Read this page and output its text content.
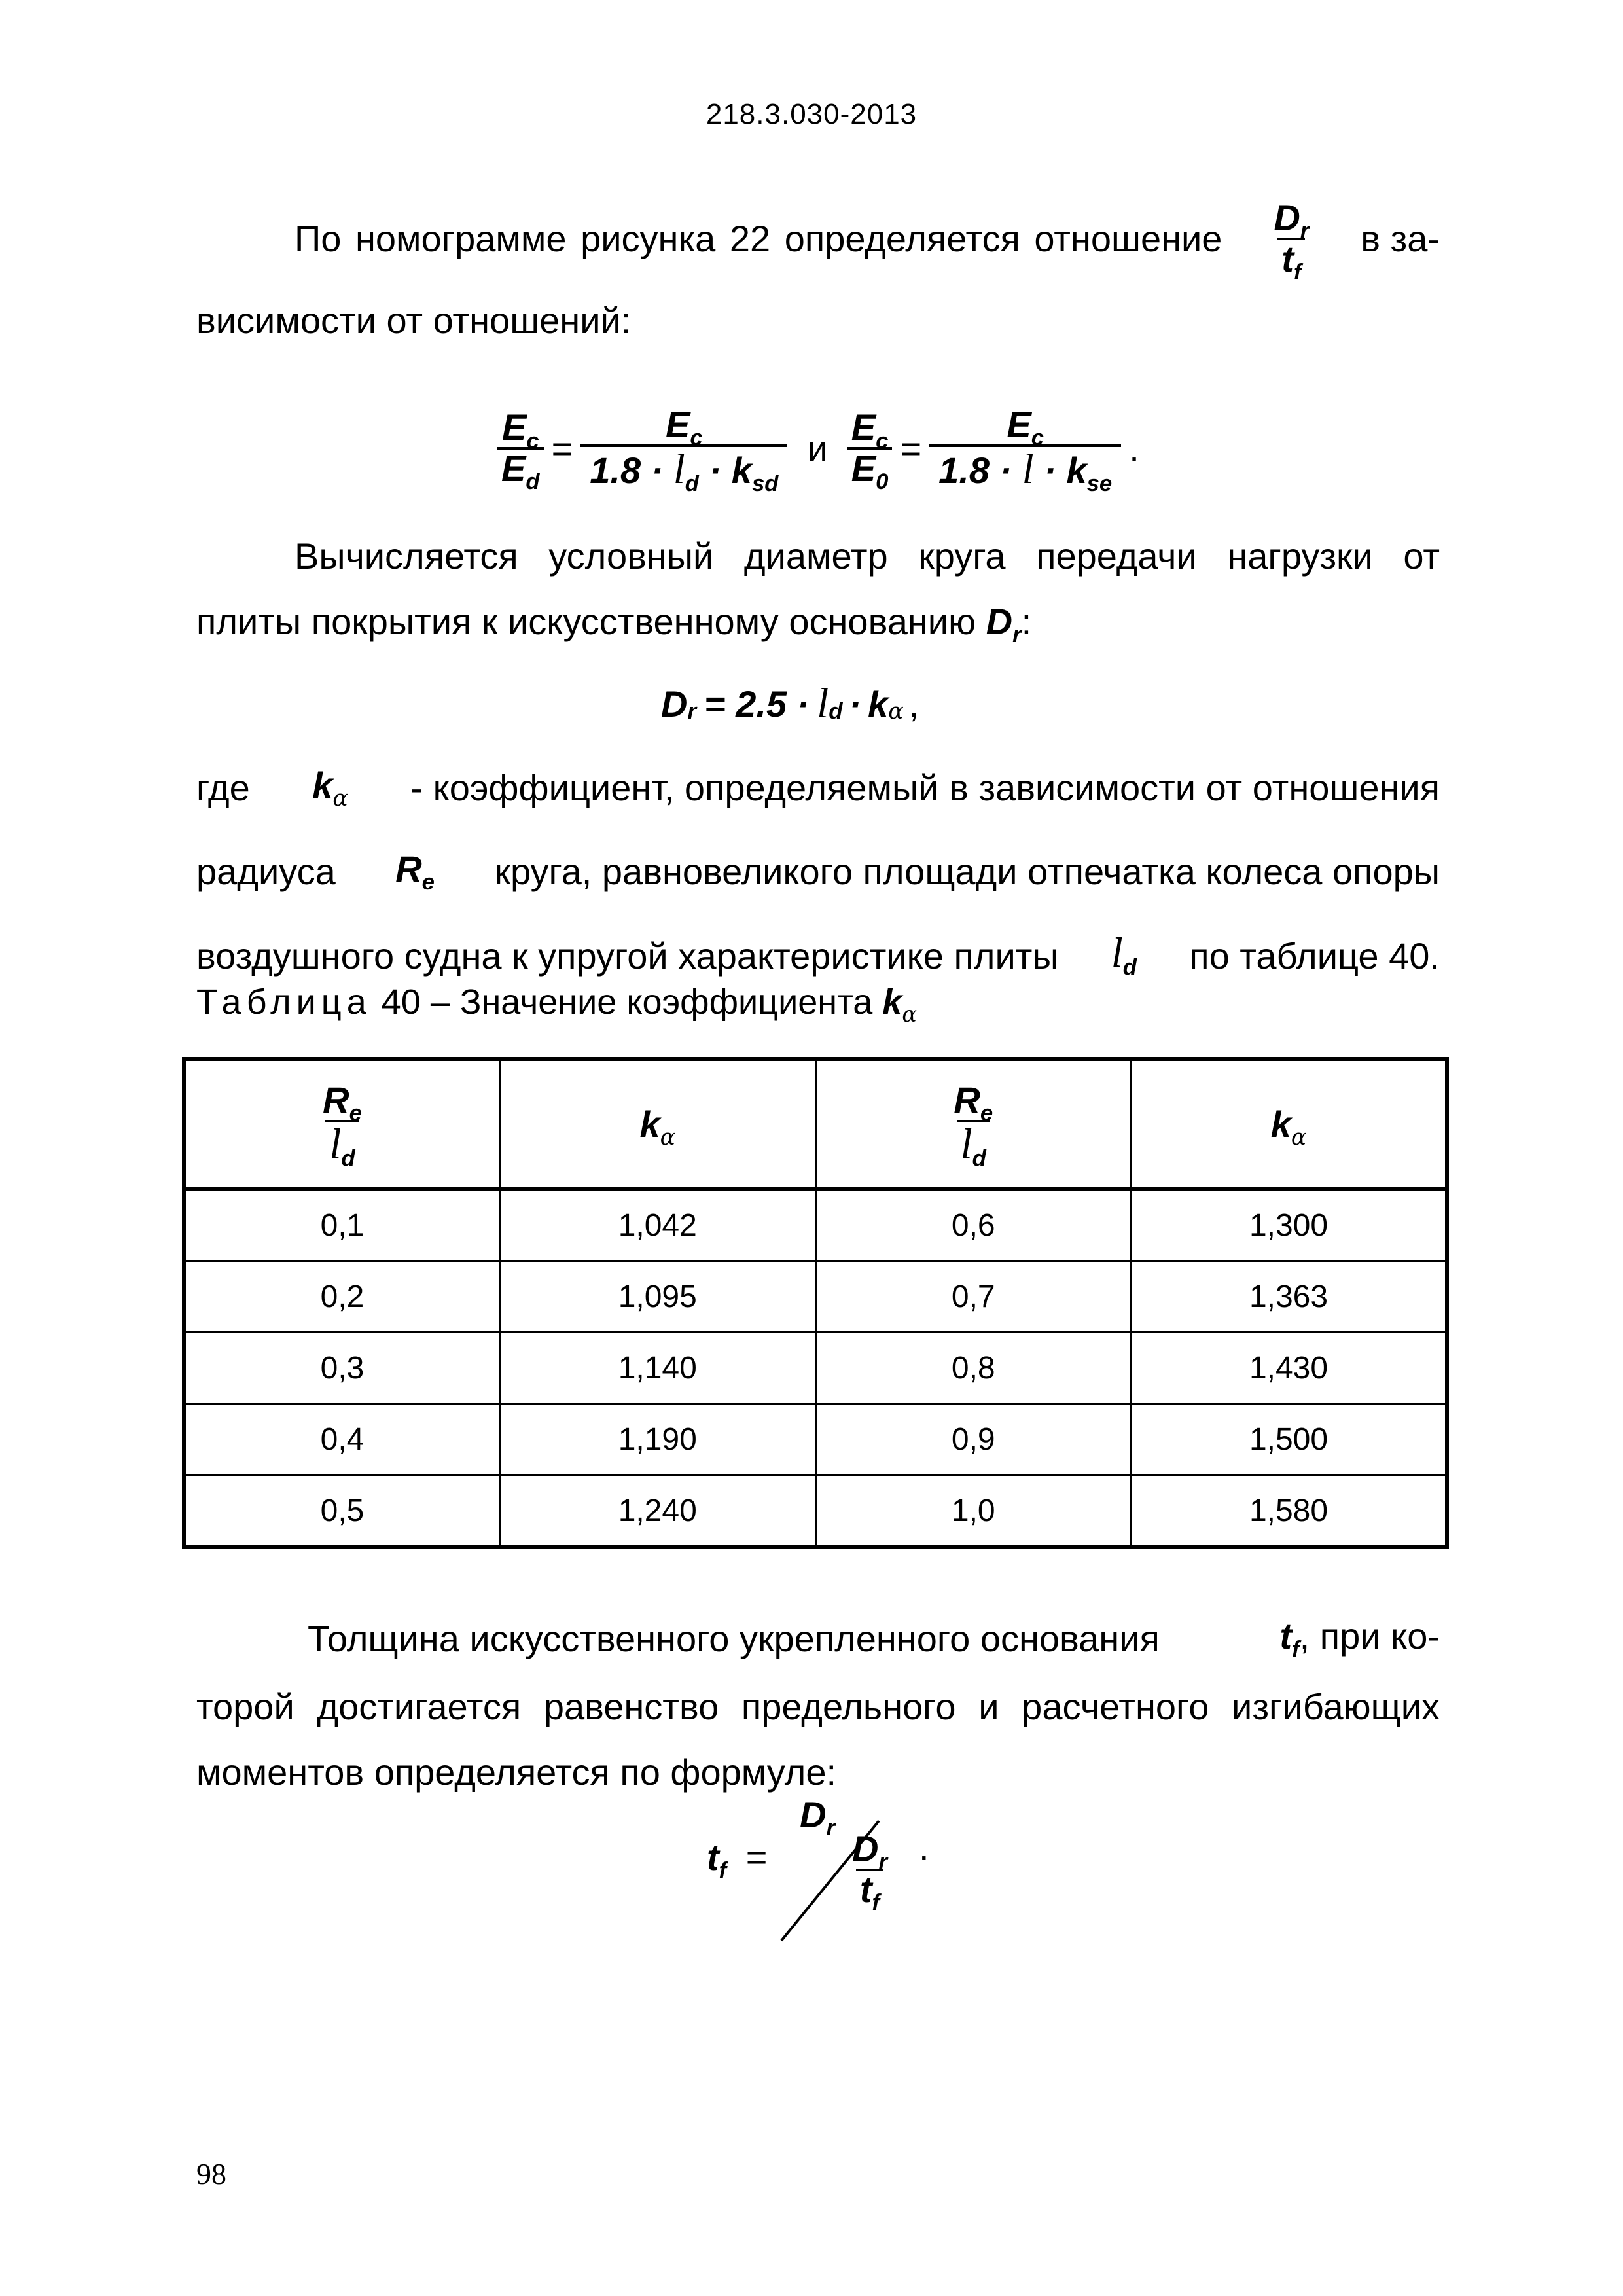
218.3.030-2013
По номограмме рисунка 22 определяется отношение $\frac{D_r}{t_f}$ в за-
висимости от отношений:
$\frac{E_c}{E_d} = \frac{E_c}{1.8 \cdot l_d \cdot k_{sd}}$ и $\frac{E_c}{E_0} = \frac{E_c}{1.8 \cdot l \cdot k_{se}}$ .
Вычисляется условный диаметр круга передачи нагрузки от
плиты покрытия к искусственному основанию $D_r$:
D r = 2.5 · l d · k α ,
где $k_\alpha$ - коэффициент, определяемый в зависимости от отношения
радиуса $R_e$ круга, равновеликого площади отпечатка колеса опоры
воздушного судна к упругой характеристике плиты $l_d$ по таблице 40.
Таблица 40 – Значение коэффициента $k_\alpha$
$\frac{R_e}{l_d}$	$k_\alpha$	$\frac{R_e}{l_d}$	$k_\alpha$
0,1	1,042	0,6	1,300
0,2	1,095	0,7	1,363
0,3	1,140	0,8	1,430
0,4	1,190	0,9	1,500
0,5	1,240	1,0	1,580
Толщина искусственного укрепленного основания	$t_f$, при ко-
торой достигается равенство предельного и расчетного изгибающих
моментов определяется по формуле:
$t_f$ =
$D_r$
$\frac{D_r}{t_f}$ .
98
